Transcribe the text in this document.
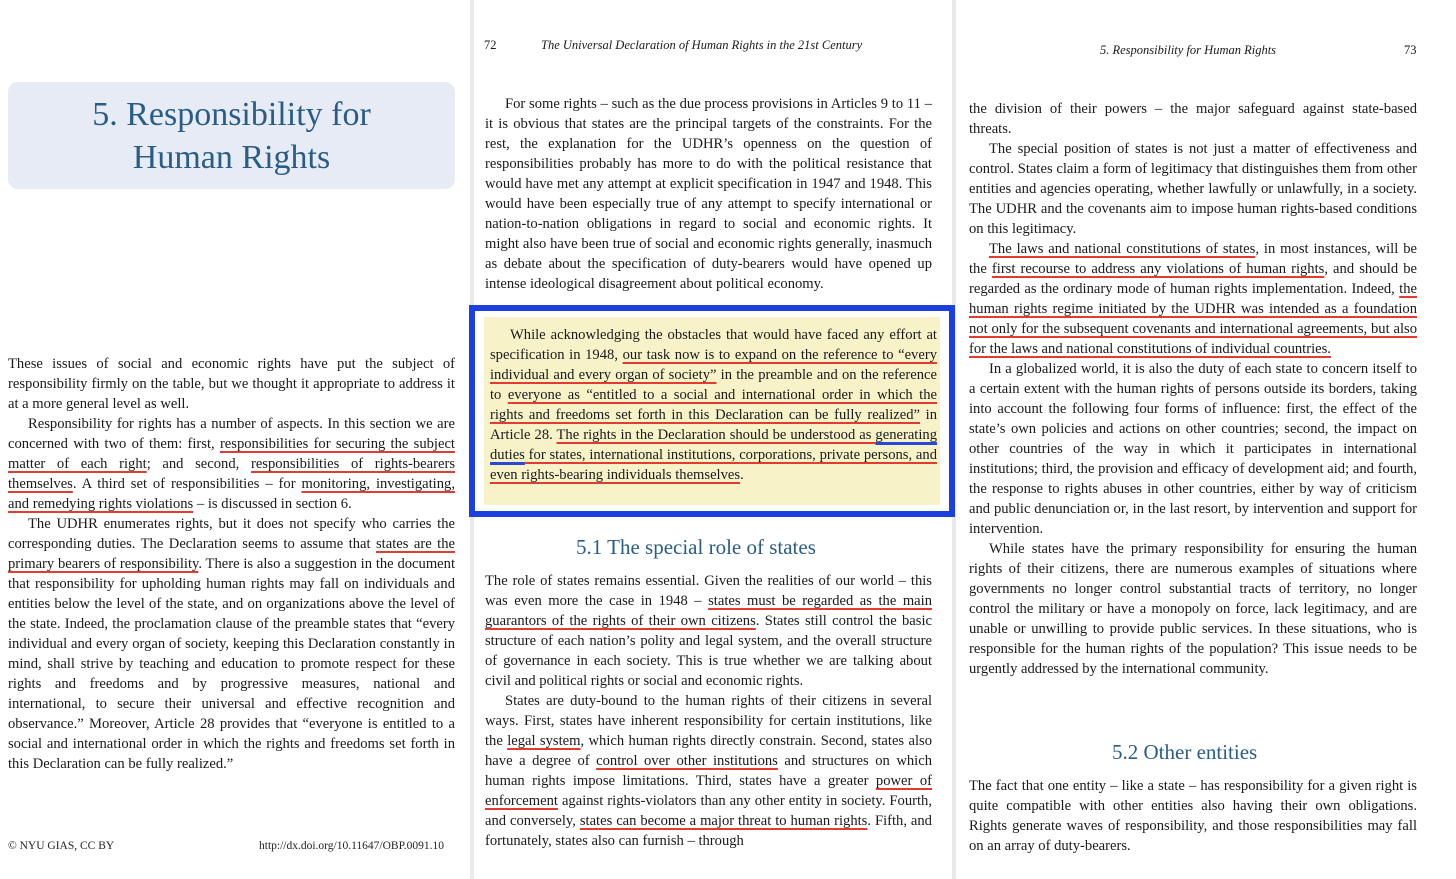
5. Responsibility for
Human Rights

These issues of social and economic rights have put the subject of responsibility firmly on the table, but we thought it appropriate to address it at a more general level as well.

Responsibility for rights has a number of aspects. In this section we are concerned with two of them: first, responsibilities for securing the subject matter of each right; and second, responsibilities of rights-bearers themselves. A third set of responsibilities – for monitoring, investigating, and remedying rights violations – is discussed in section 6.

The UDHR enumerates rights, but it does not specify who carries the corresponding duties. The Declaration seems to assume that states are the primary bearers of responsibility. There is also a suggestion in the document that responsibility for upholding human rights may fall on individuals and entities below the level of the state, and on organizations above the level of the state. Indeed, the proclamation clause of the preamble states that “every individual and every organ of society, keeping this Declaration constantly in mind, shall strive by teaching and education to promote respect for these rights and freedoms and by progressive measures, national and international, to secure their universal and effective recognition and observance.” Moreover, Article 28 provides that “everyone is entitled to a social and international order in which the rights and freedoms set forth in this Declaration can be fully realized.”

© NYU GIAS, CC BY	http://dx.doi.org/10.11647/OBP.0091.10
72	The Universal Declaration of Human Rights in the 21st Century

For some rights – such as the due process provisions in Articles 9 to 11 – it is obvious that states are the principal targets of the constraints. For the rest, the explanation for the UDHR’s openness on the question of responsibilities probably has more to do with the political resistance that would have met any attempt at explicit specification in 1947 and 1948. This would have been especially true of any attempt to specify international or nation-to-nation obligations in regard to social and economic rights. It might also have been true of social and economic rights generally, inasmuch as debate about the specification of duty-bearers would have opened up intense ideological disagreement about political economy.

5.1 The special role of states

The role of states remains essential. Given the realities of our world – this was even more the case in 1948 – states must be regarded as the main guarantors of the rights of their own citizens. States still control the basic structure of each nation’s polity and legal system, and the overall structure of governance in each society. This is true whether we are talking about civil and political rights or social and economic rights.

States are duty-bound to the human rights of their citizens in several ways. First, states have inherent responsibility for certain institutions, like the legal system, which human rights directly constrain. Second, states also have a degree of control over other institutions and structures on which human rights impose limitations. Third, states have a greater power of enforcement against rights-violators than any other entity in society. Fourth, and conversely, states can become a major threat to human rights. Fifth, and fortunately, states also can furnish – through

While acknowledging the obstacles that would have faced any effort at specification in 1948, our task now is to expand on the reference to “every individual and every organ of society” in the preamble and on the reference to everyone as “entitled to a social and international order in which the rights and freedoms set forth in this Declaration can be fully realized” in Article 28. The rights in the Declaration should be understood as generating duties for states, international institutions, corporations, private persons, and even rights-bearing individuals themselves.

5. Responsibility for Human Rights	73

the division of their powers – the major safeguard against state-based threats.

The special position of states is not just a matter of effectiveness and control. States claim a form of legitimacy that distinguishes them from other entities and agencies operating, whether lawfully or unlawfully, in a society. The UDHR and the covenants aim to impose human rights-based conditions on this legitimacy.

The laws and national constitutions of states, in most instances, will be the first recourse to address any violations of human rights, and should be regarded as the ordinary mode of human rights implementation. Indeed, the human rights regime initiated by the UDHR was intended as a foundation not only for the subsequent covenants and international agreements, but also for the laws and national constitutions of individual countries.

In a globalized world, it is also the duty of each state to concern itself to a certain extent with the human rights of persons outside its borders, taking into account the following four forms of influence: first, the effect of the state’s own policies and actions on other countries; second, the impact on other countries of the way in which it participates in international institutions; third, the provision and efficacy of development aid; and fourth, the response to rights abuses in other countries, either by way of criticism and public denunciation or, in the last resort, by intervention and support for intervention.

While states have the primary responsibility for ensuring the human rights of their citizens, there are numerous examples of situations where governments no longer control substantial tracts of territory, no longer control the military or have a monopoly on force, lack legitimacy, and are unable or unwilling to provide public services. In these situations, who is responsible for the human rights of the population? This issue needs to be urgently addressed by the international community.

5.2 Other entities

The fact that one entity – like a state – has responsibility for a given right is quite compatible with other entities also having their own obligations. Rights generate waves of responsibility, and those responsibilities may fall on an array of duty-bearers.
